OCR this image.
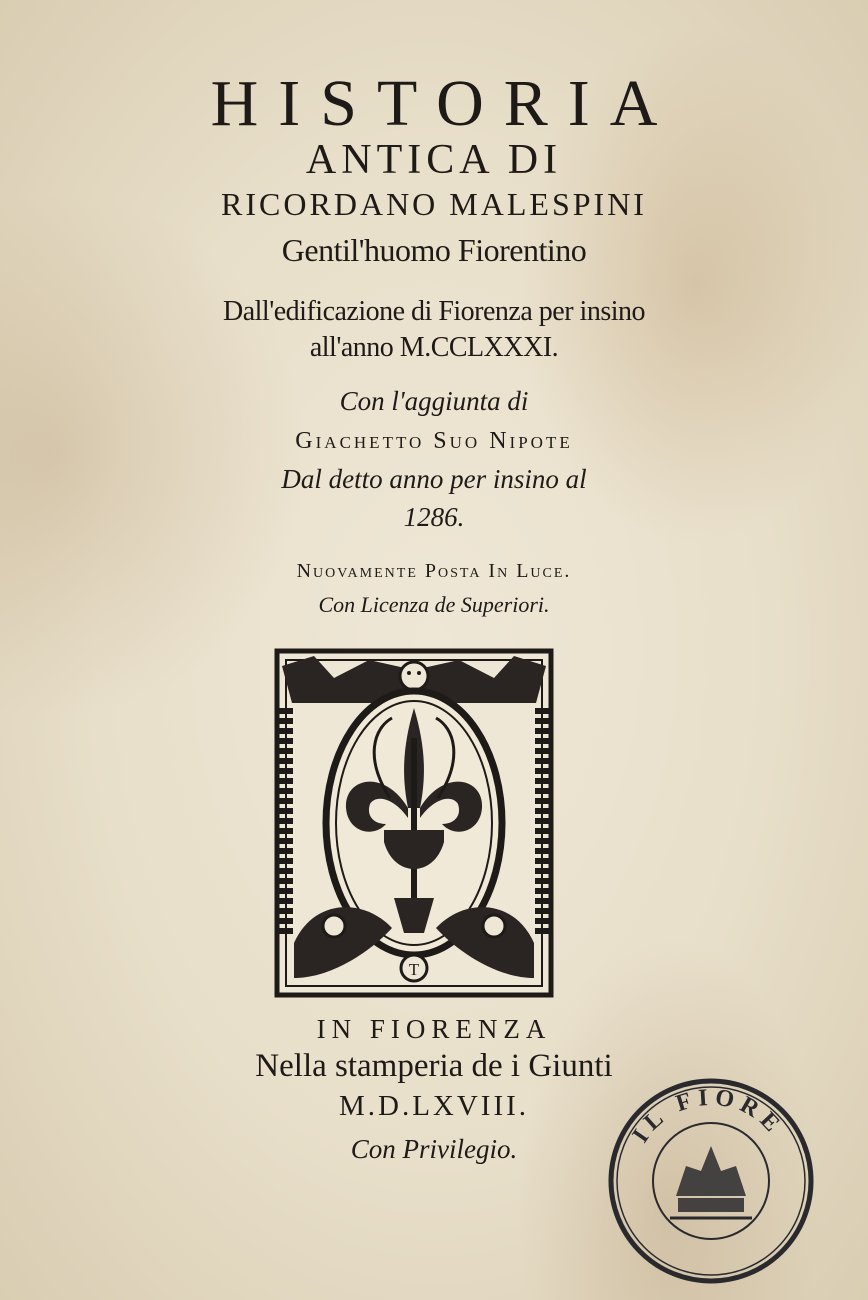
HISTORIA
ANTICA DI
RICORDANO MALESPINI
Gentil'huomo Fiorentino
Dall'edificazione di Fiorenza per insino
all'anno M.CCLXXXI.
Con l'aggiunta di
Giachetto Suo Nipote
Dal detto anno per insino al
1286.
Nuovamente Posta In Luce.
Con Licenza de Superiori.
T
IN FIORENZA
Nella stamperia de i Giunti
M.D.LXVIII.
Con Privilegio.
IL FIORE
